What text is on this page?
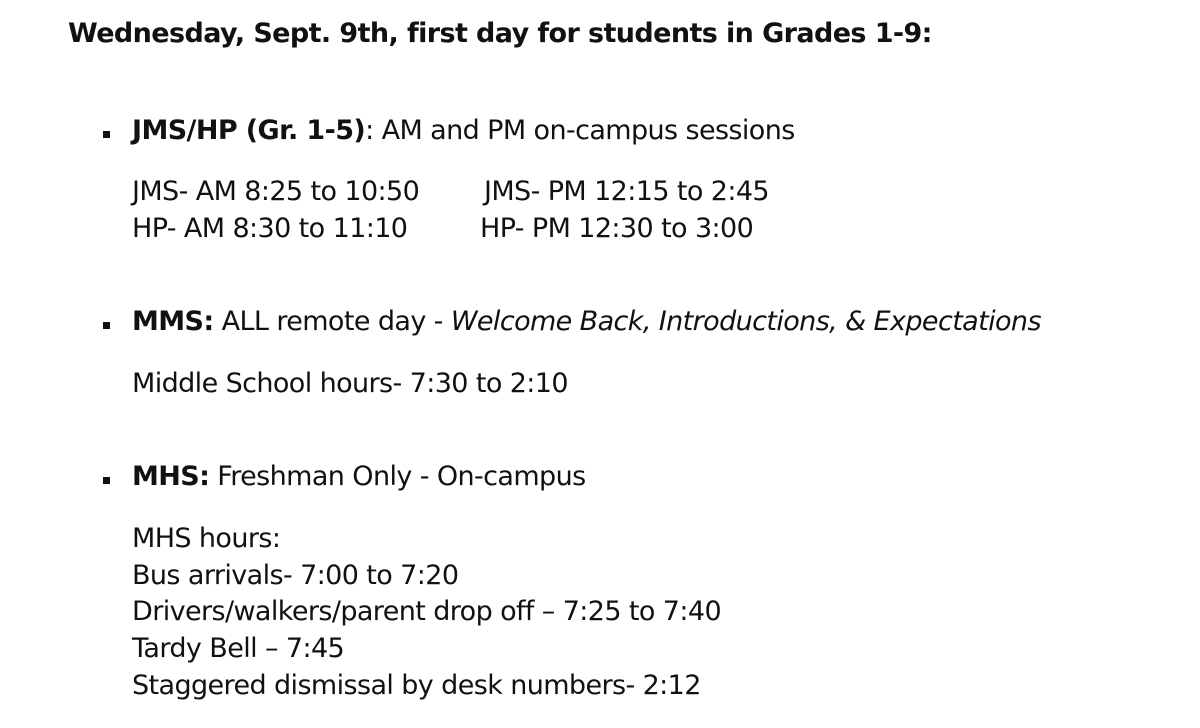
Wednesday, Sept. 9th, first day for students in Grades 1-9:
JMS/HP (Gr. 1-5): AM and PM on-campus sessions
JMS- AM 8:25 to 10:50 JMS- PM 12:15 to 2:45
HP- AM 8:30 to 11:10	HP- PM 12:30 to 3:00
MMS: ALL remote day - Welcome Back, Introductions, & Expectations
Middle School hours- 7:30 to 2:10
MHS: Freshman Only - On-campus
MHS hours:
Bus arrivals- 7:00 to 7:20
Drivers/walkers/parent drop off – 7:25 to 7:40
Tardy Bell – 7:45
Staggered dismissal by desk numbers- 2:12
